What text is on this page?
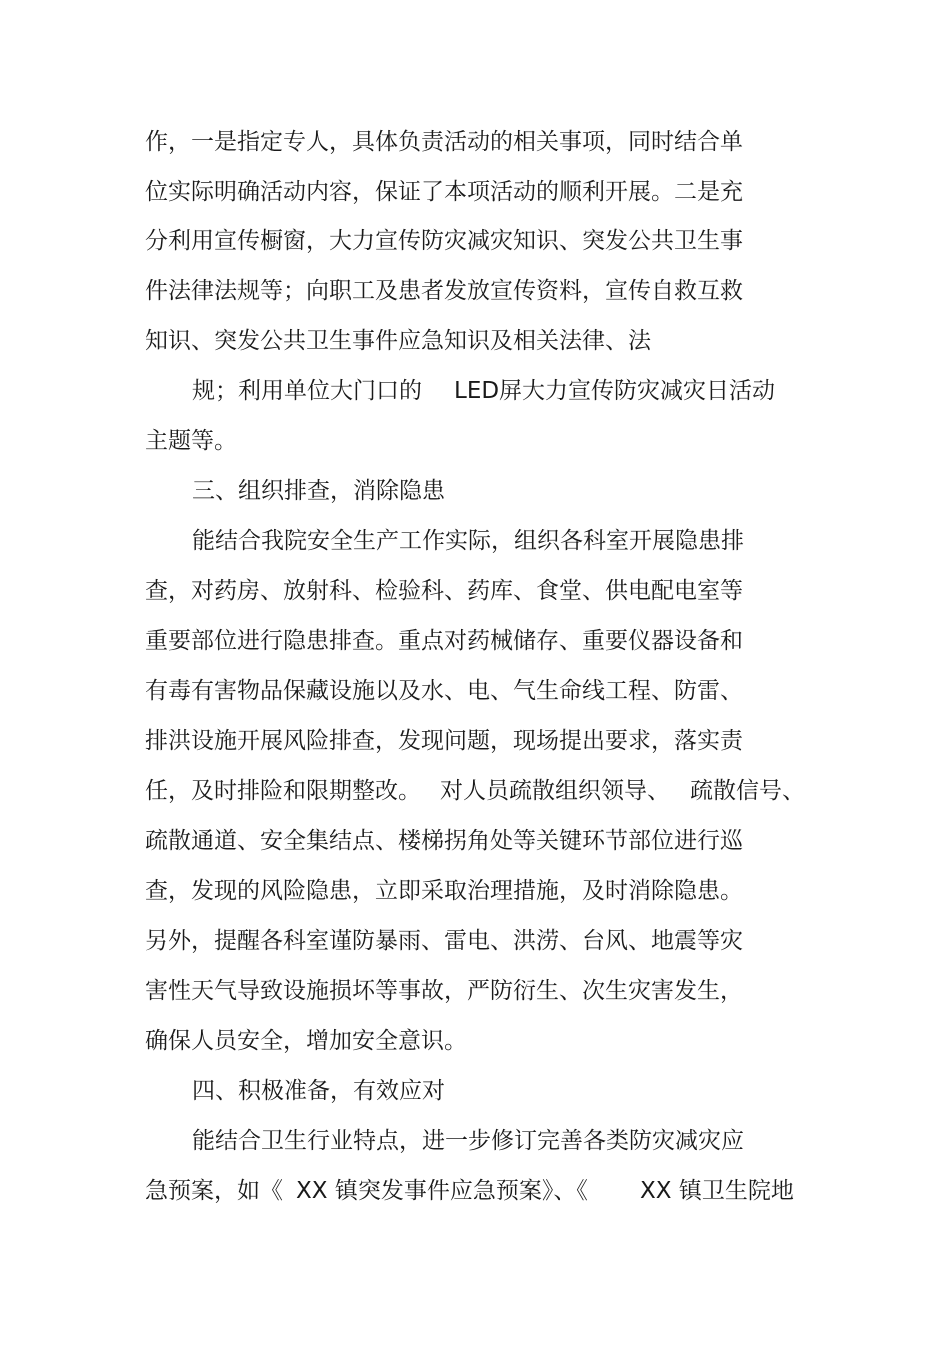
作，一是指定专人，具体负责活动的相关事项，同时结合单
位实际明确活动内容，保证了本项活动的顺利开展。二是充
分利用宣传橱窗，大力宣传防灾减灾知识、突发公共卫生事
件法律法规等；向职工及患者发放宣传资料，宣传自救互救
知识、突发公共卫生事件应急知识及相关法律、法
规；利用单位大门口的 LED屏大力宣传防灾减灾日活动
主题等。
三、组织排查，消除隐患
能结合我院安全生产工作实际，组织各科室开展隐患排
查，对药房、放射科、检验科、药库、食堂、供电配电室等
重要部位进行隐患排查。重点对药械储存、重要仪器设备和
有毒有害物品保藏设施以及水、电、气生命线工程、防雷、
排洪设施开展风险排查，发现问题，现场提出要求，落实责
任，及时排险和限期整改。 对人员疏散组织领导、 疏散信号、
疏散通道、安全集结点、楼梯拐角处等关键环节部位进行巡
查，发现的风险隐患，立即采取治理措施，及时消除隐患。
另外，提醒各科室谨防暴雨、雷电、洪涝、台风、地震等灾
害性天气导致设施损坏等事故，严防衍生、次生灾害发生，
确保人员安全，增加安全意识。
四、积极准备，有效应对
能结合卫生行业特点，进一步修订完善各类防灾减灾应
急预案，如《 XX 镇突发事件应急预案》、《 XX 镇卫生院地
